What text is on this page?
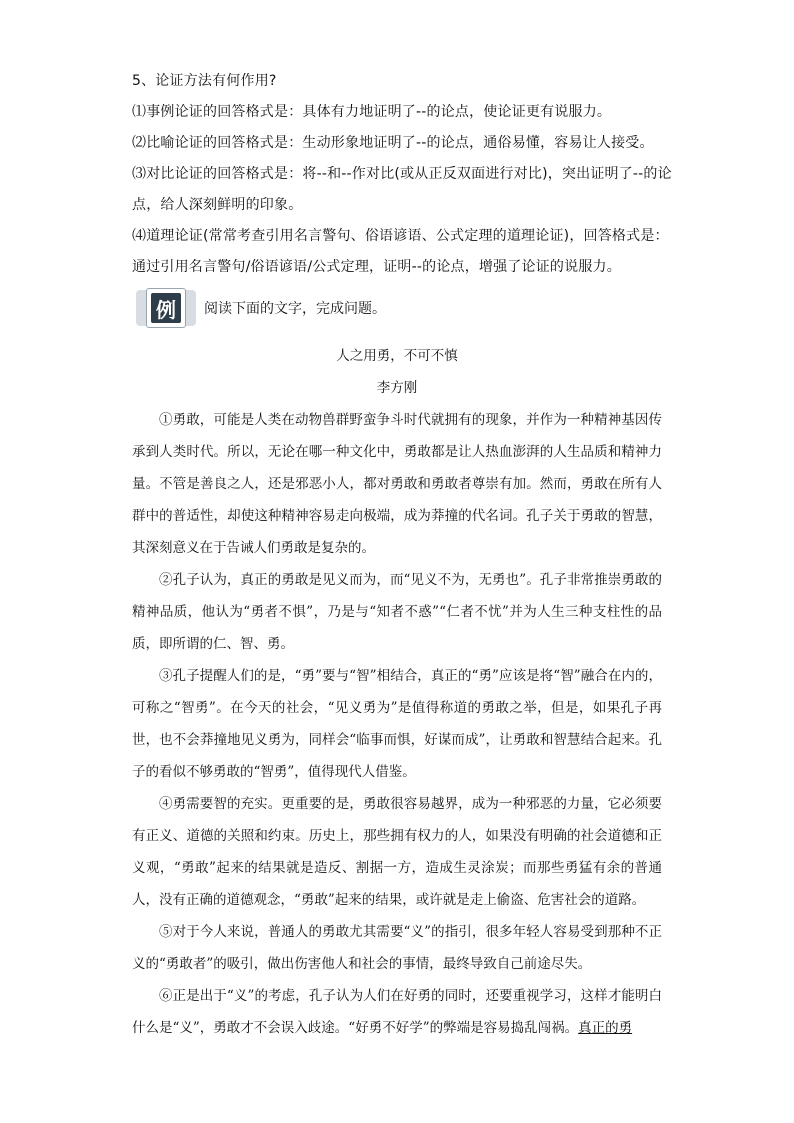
5、论证方法有何作用?

⑴事例论证的回答格式是：具体有力地证明了--的论点，使论证更有说服力。

⑵比喻论证的回答格式是：生动形象地证明了--的论点，通俗易懂，容易让人接受。

⑶对比论证的回答格式是：将--和--作对比(或从正反双面进行对比)，突出证明了--的论点，给人深刻鲜明的印象。

⑷道理论证(常常考查引用名言警句、俗语谚语、公式定理的道理论证)，回答格式是：通过引用名言警句/俗语谚语/公式定理，证明--的论点，增强了论证的说服力。

例	阅读下面的文字，完成问题。

人之用勇，不可不慎

李方刚

①勇敢，可能是人类在动物兽群野蛮争斗时代就拥有的现象，并作为一种精神基因传承到人类时代。所以，无论在哪一种文化中，勇敢都是让人热血澎湃的人生品质和精神力量。不管是善良之人，还是邪恶小人，都对勇敢和勇敢者尊崇有加。然而，勇敢在所有人群中的普适性，却使这种精神容易走向极端，成为莽撞的代名词。孔子关于勇敢的智慧，其深刻意义在于告诫人们勇敢是复杂的。

②孔子认为，真正的勇敢是见义而为，而“见义不为，无勇也”。孔子非常推崇勇敢的精神品质，他认为“勇者不惧”，乃是与“知者不惑”“仁者不忧”并为人生三种支柱性的品质，即所谓的仁、智、勇。

③孔子提醒人们的是，“勇”要与“智”相结合，真正的“勇”应该是将“智”融合在内的，可称之“智勇”。在今天的社会，“见义勇为”是值得称道的勇敢之举，但是，如果孔子再世，也不会莽撞地见义勇为，同样会“临事而惧，好谋而成”，让勇敢和智慧结合起来。孔子的看似不够勇敢的“智勇”，值得现代人借鉴。

④勇需要智的充实。更重要的是，勇敢很容易越界，成为一种邪恶的力量，它必须要有正义、道德的关照和约束。历史上，那些拥有权力的人，如果没有明确的社会道德和正义观，“勇敢”起来的结果就是造反、割据一方，造成生灵涂炭；而那些勇猛有余的普通人，没有正确的道德观念，“勇敢”起来的结果，或许就是走上偷盗、危害社会的道路。

⑤对于今人来说，普通人的勇敢尤其需要“义”的指引，很多年轻人容易受到那种不正义的“勇敢者”的吸引，做出伤害他人和社会的事情，最终导致自己前途尽失。

⑥正是出于“义”的考虑，孔子认为人们在好勇的同时，还要重视学习，这样才能明白什么是“义”，勇敢才不会误入歧途。“好勇不好学”的弊端是容易捣乱闯祸。真正的勇
